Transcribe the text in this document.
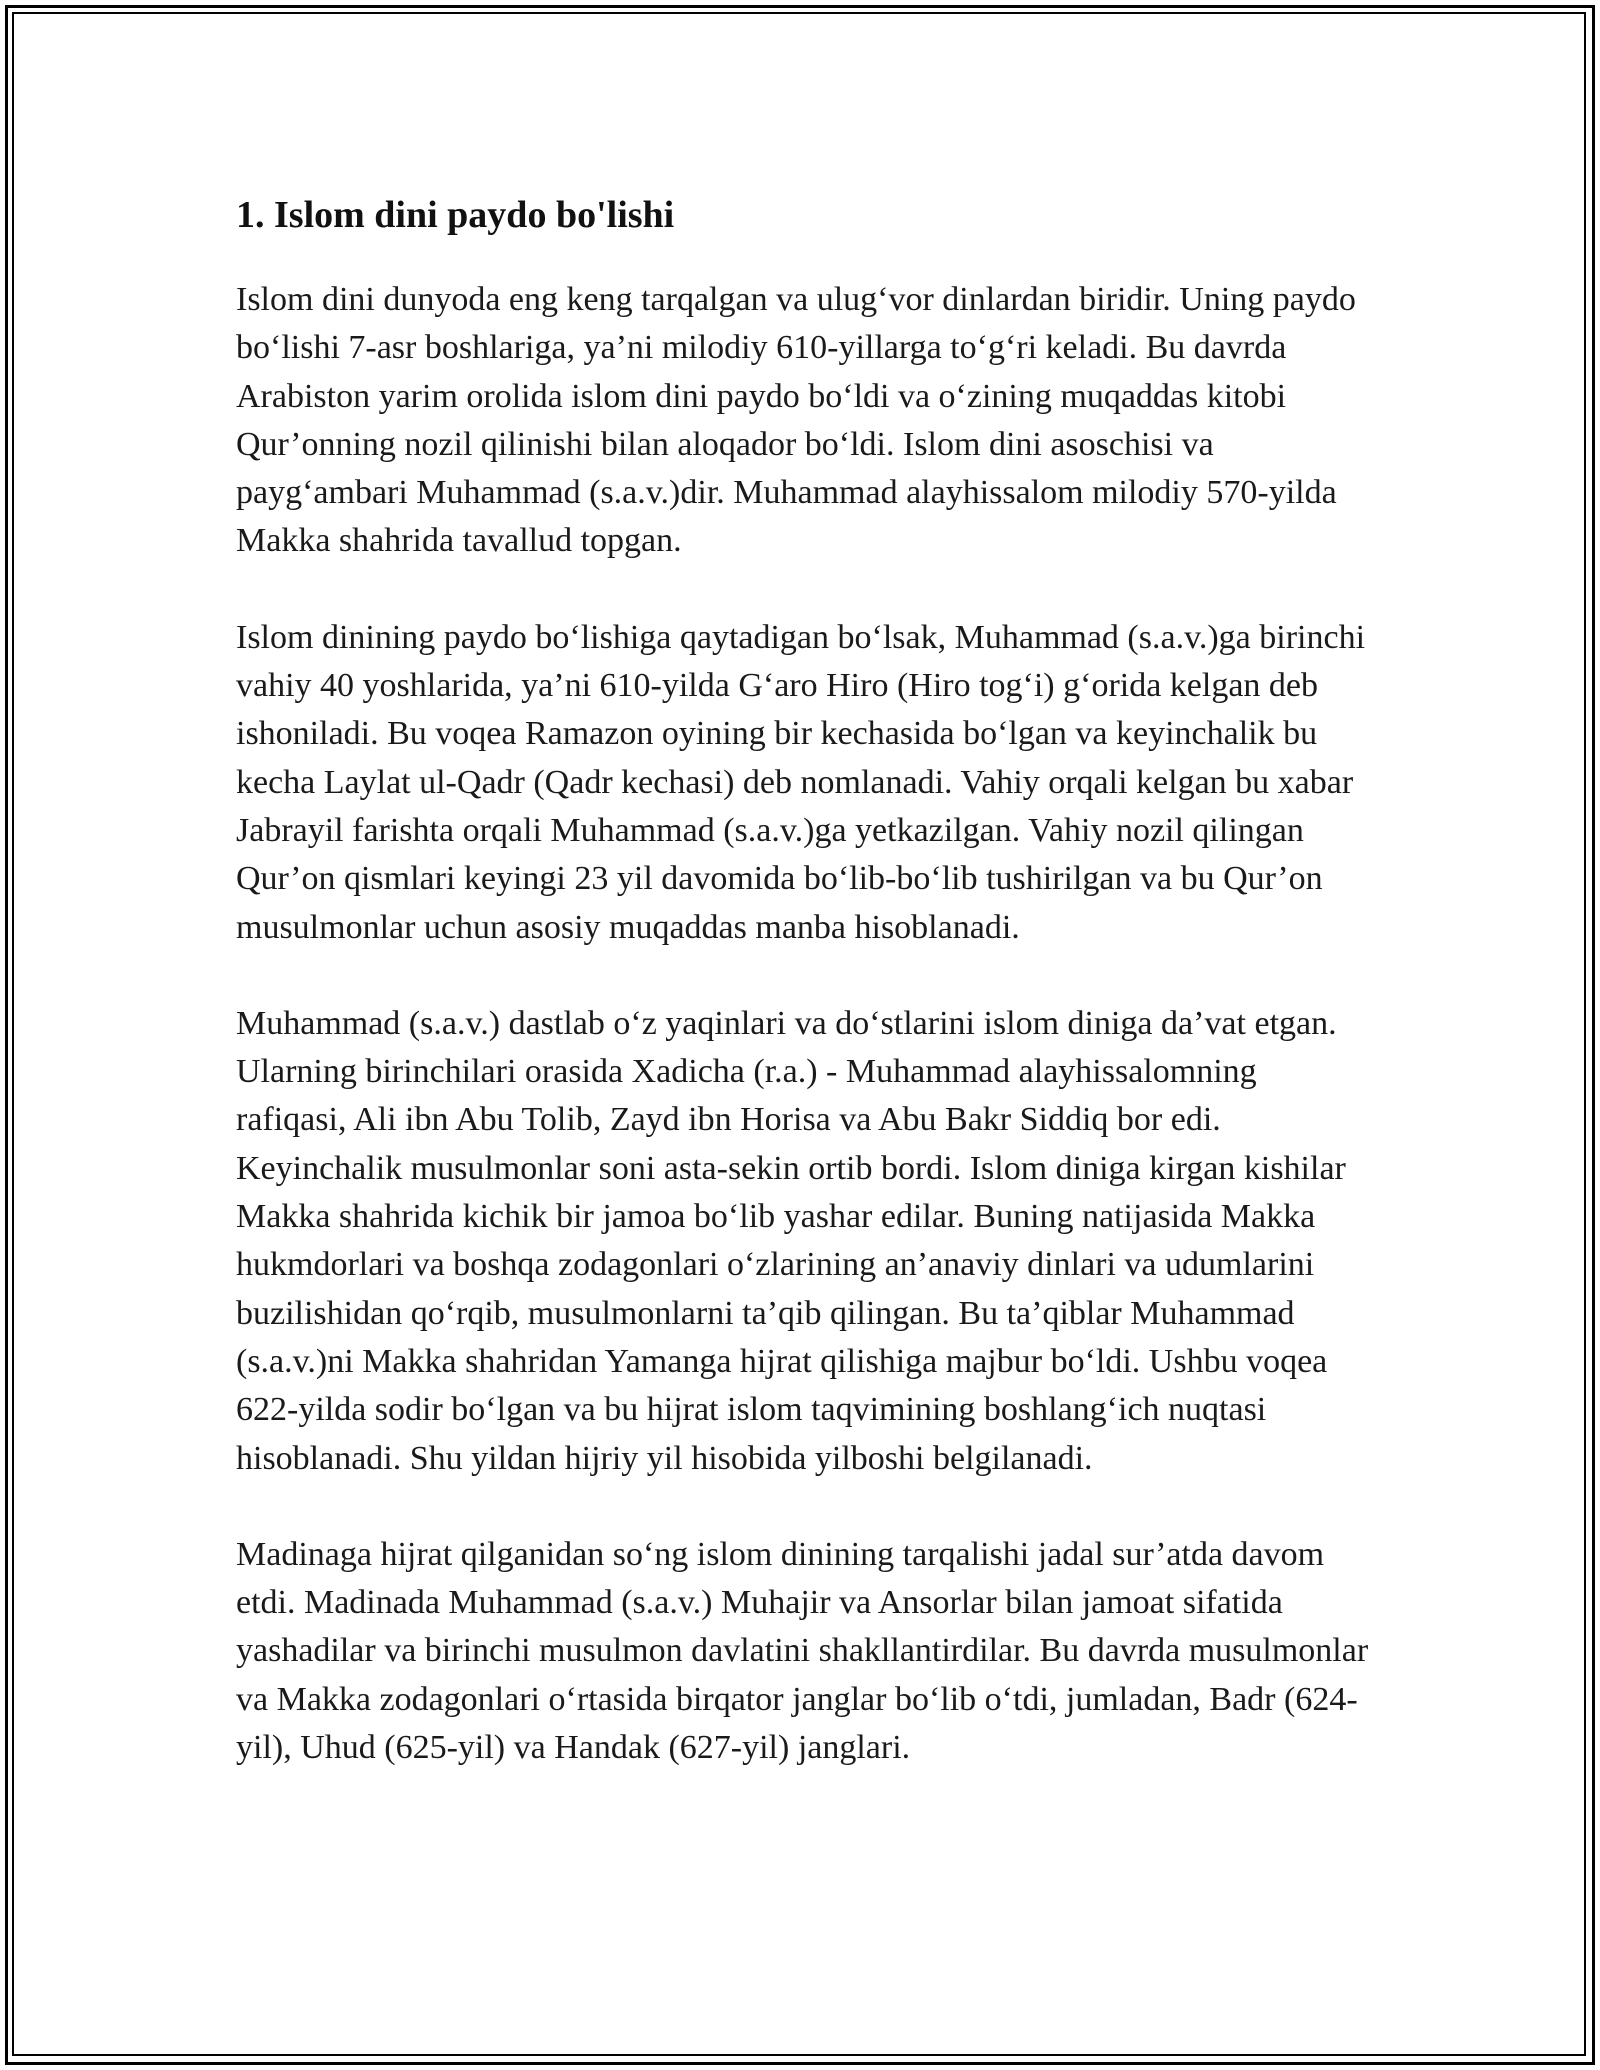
1. Islom dini paydo bo'lishi

Islom dini dunyoda eng keng tarqalgan va ulug‘vor dinlardan biridir. Uning paydo bo‘lishi 7-asr boshlariga, ya’ni milodiy 610-yillarga to‘g‘ri keladi. Bu davrda Arabiston yarim orolida islom dini paydo bo‘ldi va o‘zining muqaddas kitobi Qur’onning nozil qilinishi bilan aloqador bo‘ldi. Islom dini asoschisi va payg‘ambari Muhammad (s.a.v.)dir. Muhammad alayhissalom milodiy 570-yilda Makka shahrida tavallud topgan.

Islom dinining paydo bo‘lishiga qaytadigan bo‘lsak, Muhammad (s.a.v.)ga birinchi vahiy 40 yoshlarida, ya’ni 610-yilda G‘aro Hiro (Hiro tog‘i) g‘orida kelgan deb ishoniladi. Bu voqea Ramazon oyining bir kechasida bo‘lgan va keyinchalik bu kecha Laylat ul-Qadr (Qadr kechasi) deb nomlanadi. Vahiy orqali kelgan bu xabar Jabrayil farishta orqali Muhammad (s.a.v.)ga yetkazilgan. Vahiy nozil qilingan Qur’on qismlari keyingi 23 yil davomida bo‘lib-bo‘lib tushirilgan va bu Qur’on musulmonlar uchun asosiy muqaddas manba hisoblanadi.

Muhammad (s.a.v.) dastlab o‘z yaqinlari va do‘stlarini islom diniga da’vat etgan. Ularning birinchilari orasida Xadicha (r.a.) - Muhammad alayhissalomning rafiqasi, Ali ibn Abu Tolib, Zayd ibn Horisa va Abu Bakr Siddiq bor edi. Keyinchalik musulmonlar soni asta-sekin ortib bordi. Islom diniga kirgan kishilar Makka shahrida kichik bir jamoa bo‘lib yashar edilar. Buning natijasida Makka hukmdorlari va boshqa zodagonlari o‘zlarining an’anaviy dinlari va udumlarini buzilishidan qo‘rqib, musulmonlarni ta’qib qilingan. Bu ta’qiblar Muhammad (s.a.v.)ni Makka shahridan Yamanga hijrat qilishiga majbur bo‘ldi. Ushbu voqea 622-yilda sodir bo‘lgan va bu hijrat islom taqvimining boshlang‘ich nuqtasi hisoblanadi. Shu yildan hijriy yil hisobida yilboshi belgilanadi.

Madinaga hijrat qilganidan so‘ng islom dinining tarqalishi jadal sur’atda davom etdi. Madinada Muhammad (s.a.v.) Muhajir va Ansorlar bilan jamoat sifatida yashadilar va birinchi musulmon davlatini shakllantirdilar. Bu davrda musulmonlar va Makka zodagonlari o‘rtasida birqator janglar bo‘lib o‘tdi, jumladan, Badr (624-yil), Uhud (625-yil) va Handak (627-yil) janglari.
